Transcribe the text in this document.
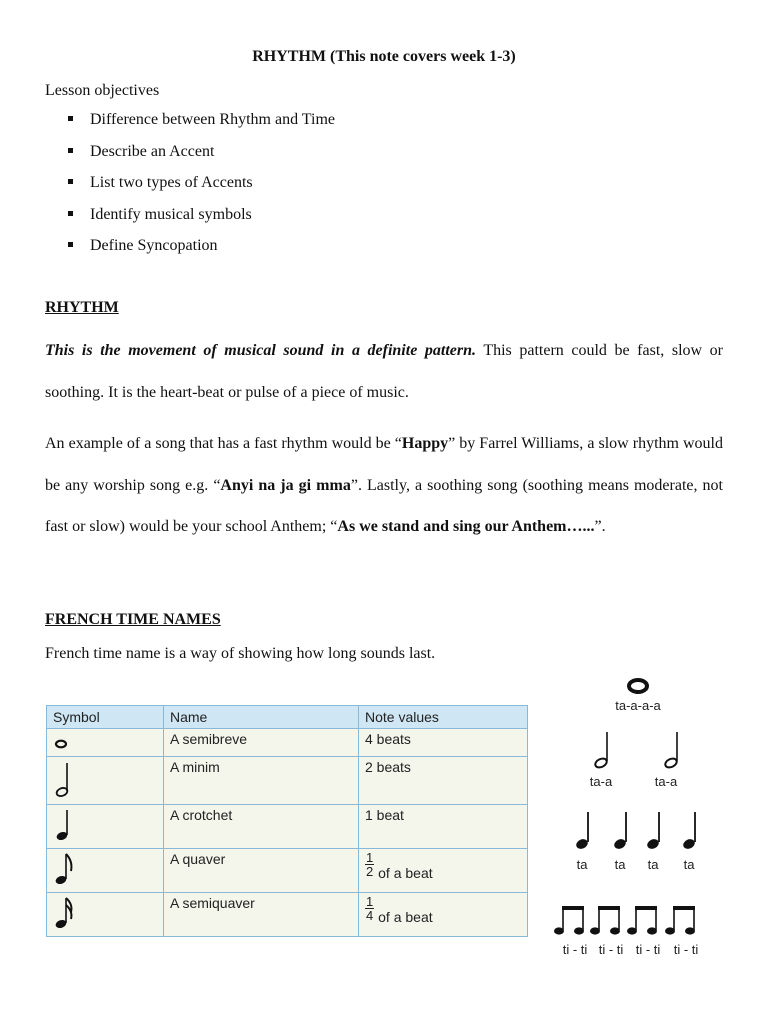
RHYTHM (This note covers week 1-3)
Lesson objectives
Difference between Rhythm and Time
Describe an Accent
List two types of Accents
Identify musical symbols
Define Syncopation
RHYTHM
This is the movement of musical sound in a definite pattern. This pattern could be fast, slow or soothing. It is the heart-beat or pulse of a piece of music.
An example of a song that has a fast rhythm would be “Happy” by Farrel Williams, a slow rhythm would be any worship song e.g. “Anyi na ja gi mma”. Lastly, a soothing song (soothing means moderate, not fast or slow) would be your school Anthem; “As we stand and sing our Anthem…...”.
FRENCH TIME NAMES
French time name is a way of showing how long sounds last.
Symbol	Name	Note values
	A semibreve	4 beats
	A minim	2 beats
	A crotchet	1 beat
	A quaver	$\frac{1}{2}$ of a beat
	A semiquaver	$\frac{1}{4}$ of a beat
ta-a-a-a
ta-a	ta-a
ta ta ta ta
ti - ti ti - ti ti - ti ti - ti
